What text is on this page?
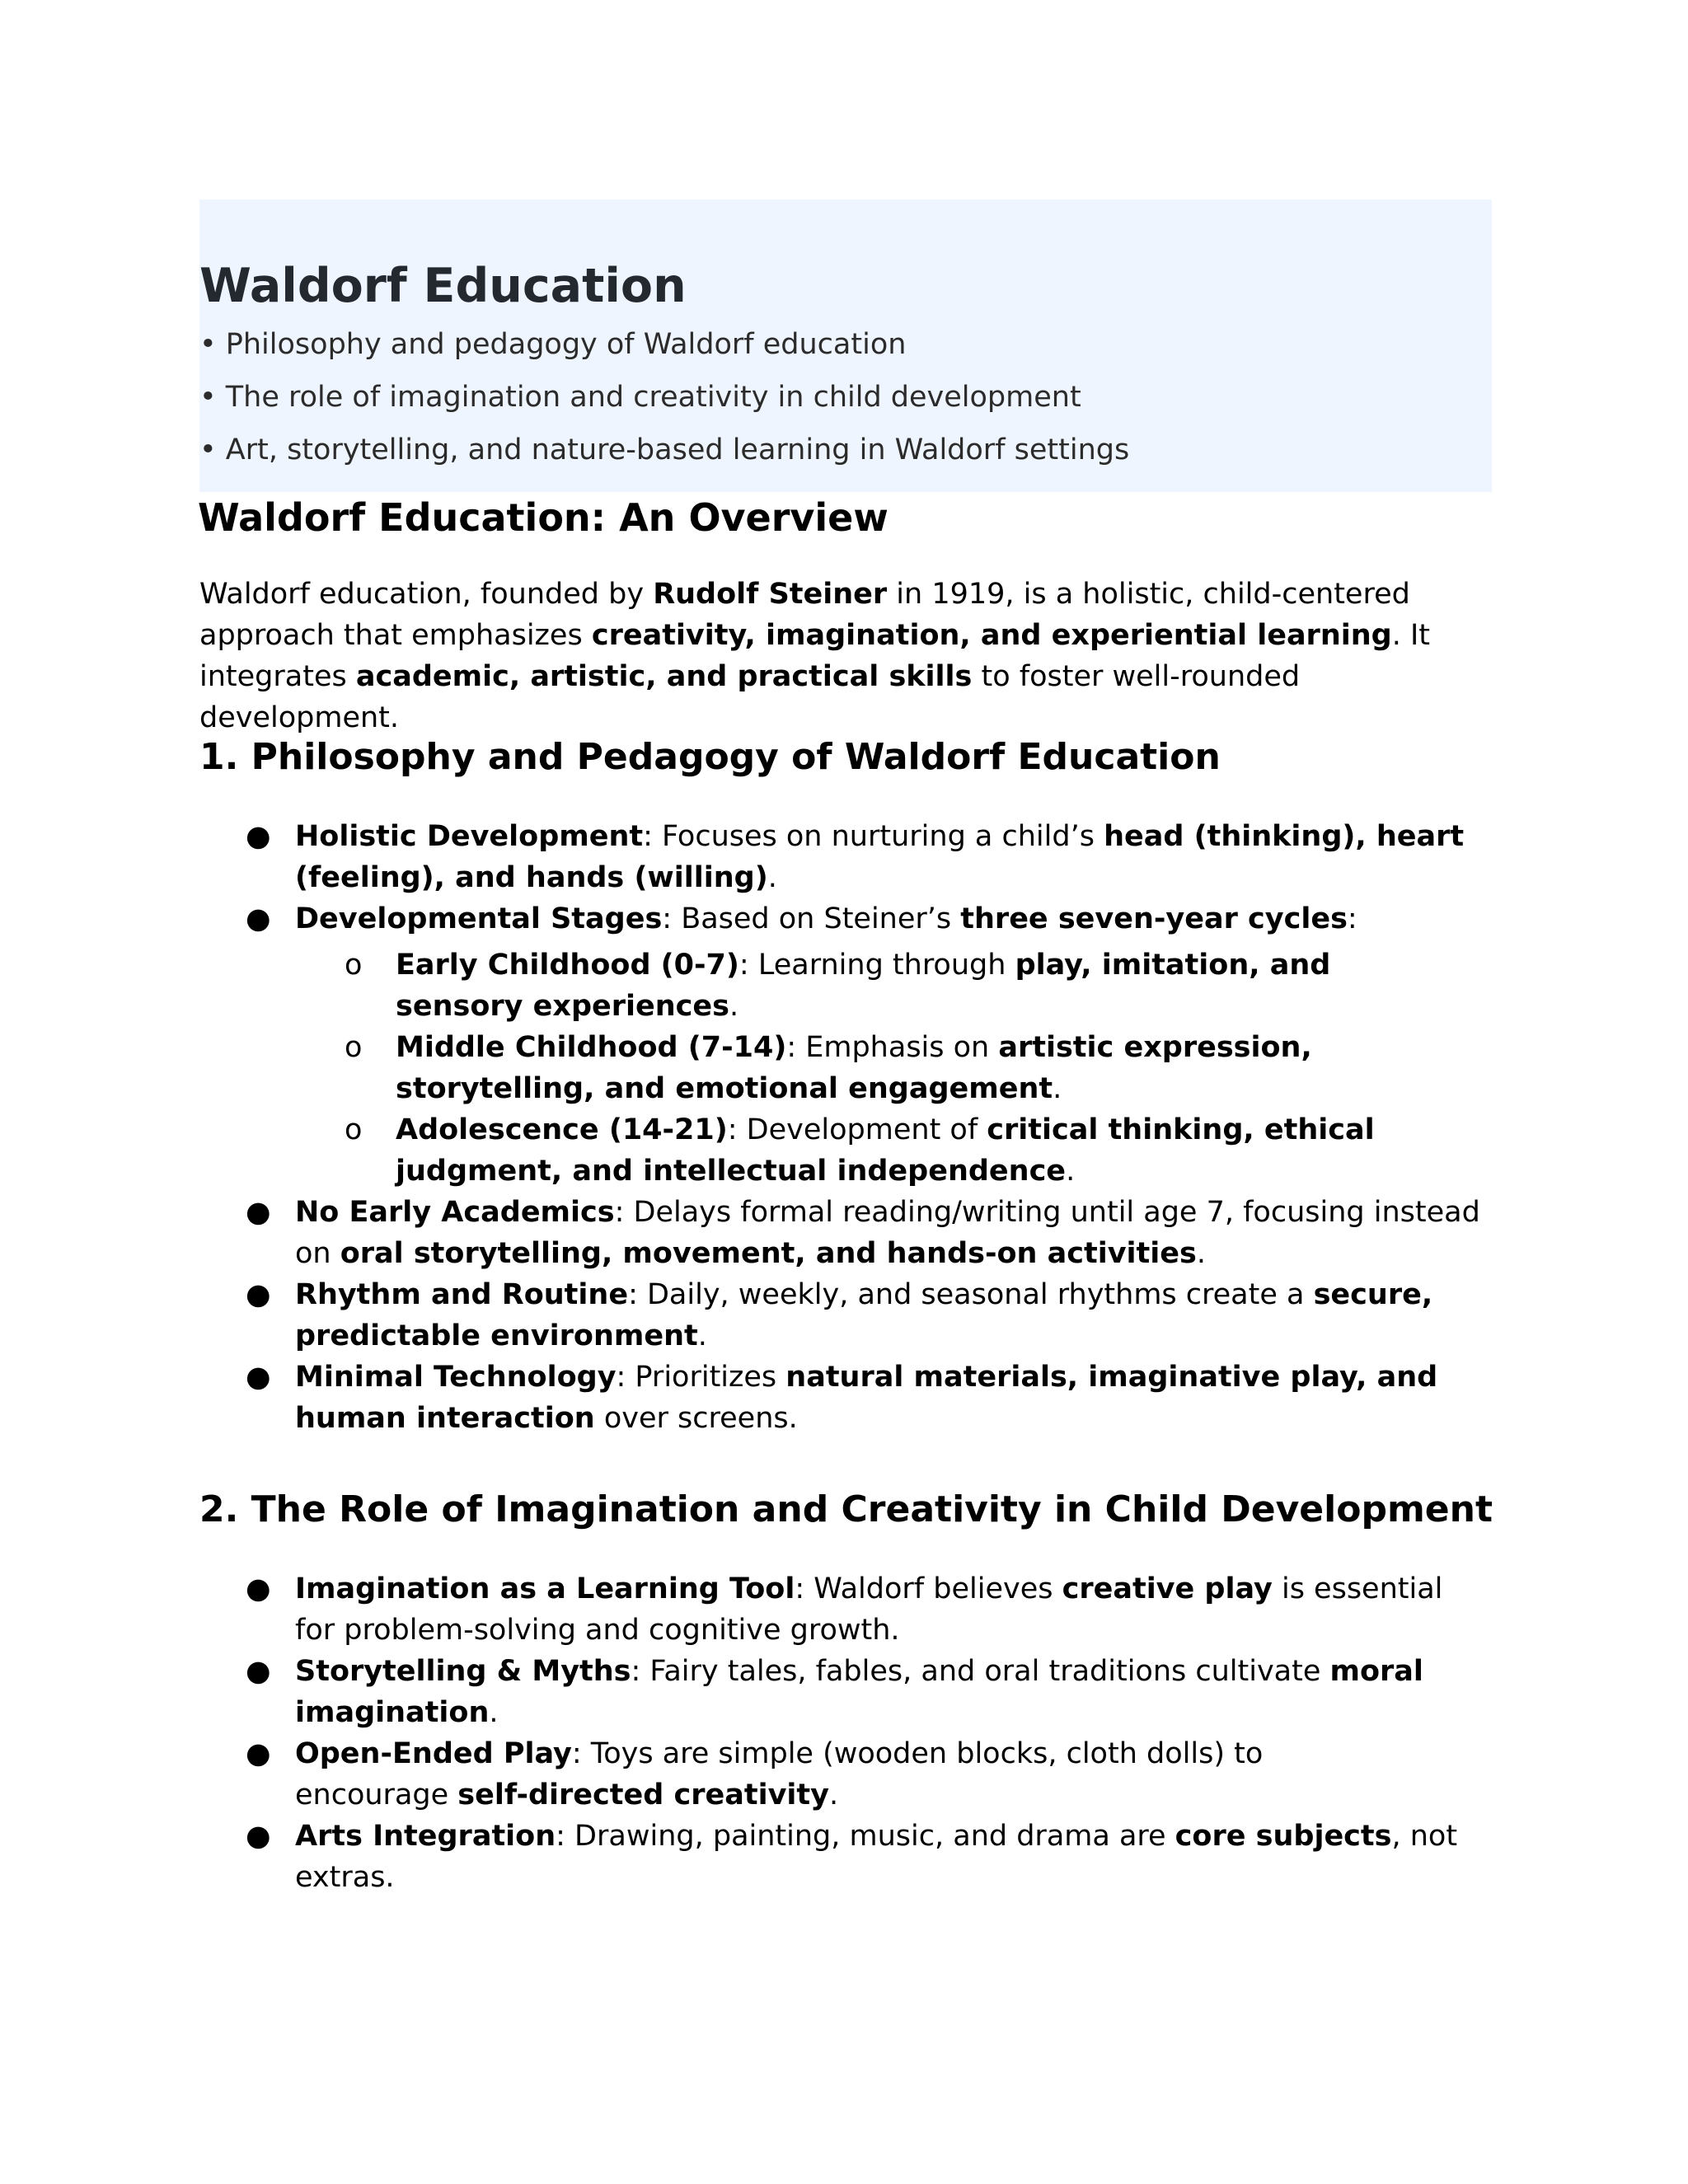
Waldorf Education
• Philosophy and pedagogy of Waldorf education
• The role of imagination and creativity in child development
• Art, storytelling, and nature-based learning in Waldorf settings
Waldorf Education: An Overview
Waldorf education, founded by Rudolf Steiner in 1919, is a holistic, child-centered approach that emphasizes creativity, imagination, and experiential learning. It integrates academic, artistic, and practical skills to foster well-rounded development.
1. Philosophy and Pedagogy of Waldorf Education
● Holistic Development: Focuses on nurturing a child’s head (thinking), heart (feeling), and hands (willing).
● Developmental Stages: Based on Steiner’s three seven-year cycles:
o Early Childhood (0-7): Learning through play, imitation, and sensory experiences.
o Middle Childhood (7-14): Emphasis on artistic expression, storytelling, and emotional engagement.
o Adolescence (14-21): Development of critical thinking, ethical judgment, and intellectual independence.
● No Early Academics: Delays formal reading/writing until age 7, focusing instead on oral storytelling, movement, and hands-on activities.
● Rhythm and Routine: Daily, weekly, and seasonal rhythms create a secure, predictable environment.
● Minimal Technology: Prioritizes natural materials, imaginative play, and human interaction over screens.
2. The Role of Imagination and Creativity in Child Development
● Imagination as a Learning Tool: Waldorf believes creative play is essential for problem-solving and cognitive growth.
● Storytelling & Myths: Fairy tales, fables, and oral traditions cultivate moral imagination.
● Open-Ended Play: Toys are simple (wooden blocks, cloth dolls) to encourage self-directed creativity.
● Arts Integration: Drawing, painting, music, and drama are core subjects, not extras.
